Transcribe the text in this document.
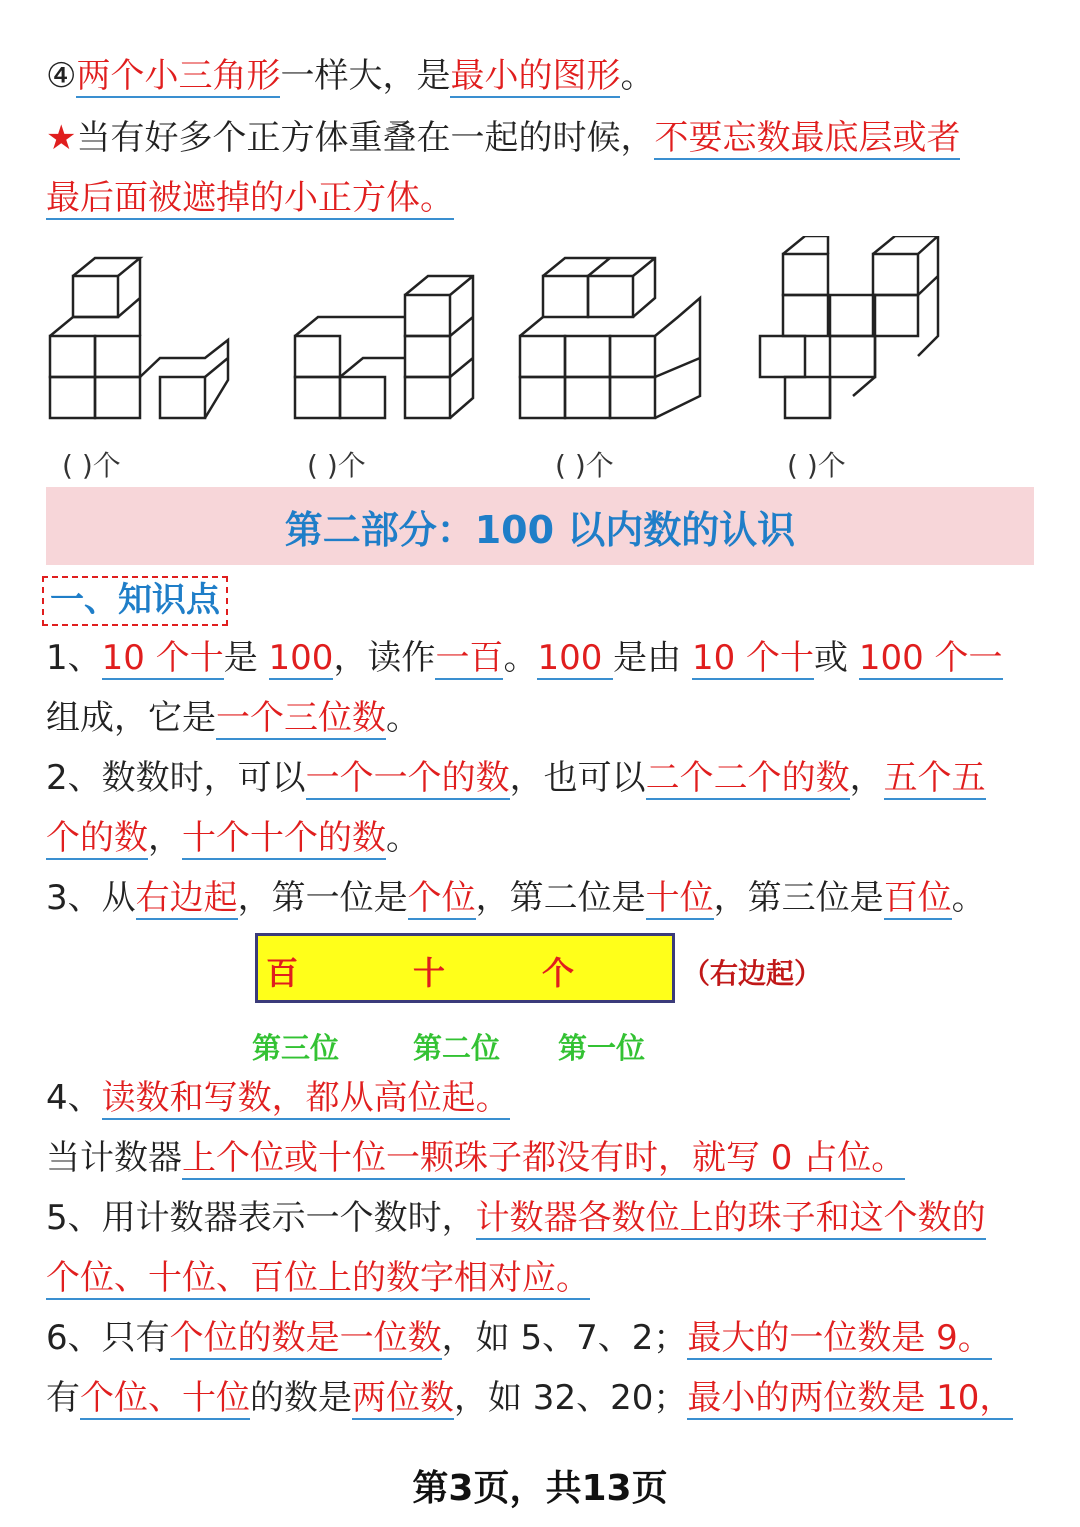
④两个小三角形一样大，是最小的图形。
★当有好多个正方体重叠在一起的时候，不要忘数最底层或者
最后面被遮掉的小正方体。
( )个	( )个	( )个	( )个
第二部分：100 以内数的认识
一、知识点
1、10 个十是 100，读作一百。100 是由 10 个十或 100 个一
组成，它是一个三位数。
2、数数时，可以一个一个的数，也可以二个二个的数，五个五
个的数，十个十个的数。
3、从右边起，第一位是个位，第二位是十位，第三位是百位。
百	十	个	（右边起）
第三位	第二位 第一位
4、读数和写数，都从高位起。
当计数器上个位或十位一颗珠子都没有时，就写 0 占位。
5、用计数器表示一个数时，计数器各数位上的珠子和这个数的
个位、十位、百位上的数字相对应。
6、只有个位的数是一位数，如 5、7、2；最大的一位数是 9。
有个位、十位的数是两位数，如 32、20；最小的两位数是 10，
第3页，共13页
